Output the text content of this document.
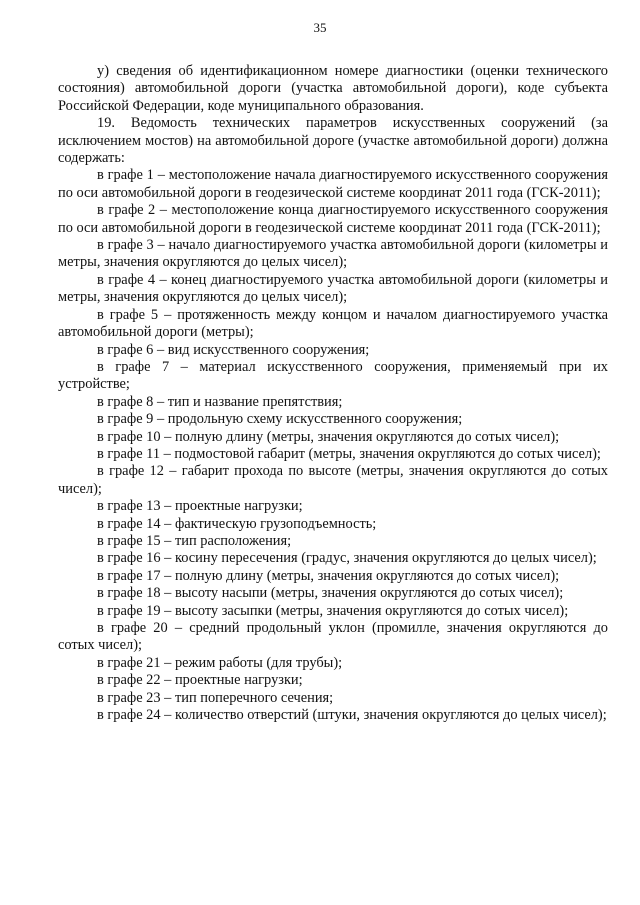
35

у) сведения об идентификационном номере диагностики (оценки технического состояния) автомобильной дороги (участка автомобильной дороги), коде субъекта Российской Федерации, коде муниципального образования.

19. Ведомость технических параметров искусственных сооружений (за исключением мостов) на автомобильной дороге (участке автомобильной дороги) должна содержать:

в графе 1 – местоположение начала диагностируемого искусственного сооружения по оси автомобильной дороги в геодезической системе координат 2011 года (ГСК-2011);

в графе 2 – местоположение конца диагностируемого искусственного сооружения по оси автомобильной дороги в геодезической системе координат 2011 года (ГСК-2011);

в графе 3 – начало диагностируемого участка автомобильной дороги (километры и метры, значения округляются до целых чисел);

в графе 4 – конец диагностируемого участка автомобильной дороги (километры и метры, значения округляются до целых чисел);

в графе 5 – протяженность между концом и началом диагностируемого участка автомобильной дороги (метры);

в графе 6 – вид искусственного сооружения;

в графе 7 – материал искусственного сооружения, применяемый при их устройстве;

в графе 8 – тип и название препятствия;

в графе 9 – продольную схему искусственного сооружения;

в графе 10 – полную длину (метры, значения округляются до сотых чисел);

в графе 11 – подмостовой габарит (метры, значения округляются до сотых чисел);

в графе 12 – габарит прохода по высоте (метры, значения округляются до сотых чисел);

в графе 13 – проектные нагрузки;

в графе 14 – фактическую грузоподъемность;

в графе 15 – тип расположения;

в графе 16 – косину пересечения (градус, значения округляются до целых чисел);

в графе 17 – полную длину (метры, значения округляются до сотых чисел);

в графе 18 – высоту насыпи (метры, значения округляются до сотых чисел);

в графе 19 – высоту засыпки (метры, значения округляются до сотых чисел);

в графе 20 – средний продольный уклон (промилле, значения округляются до сотых чисел);

в графе 21 – режим работы (для трубы);

в графе 22 – проектные нагрузки;

в графе 23 – тип поперечного сечения;

в графе 24 – количество отверстий (штуки, значения округляются до целых чисел);
